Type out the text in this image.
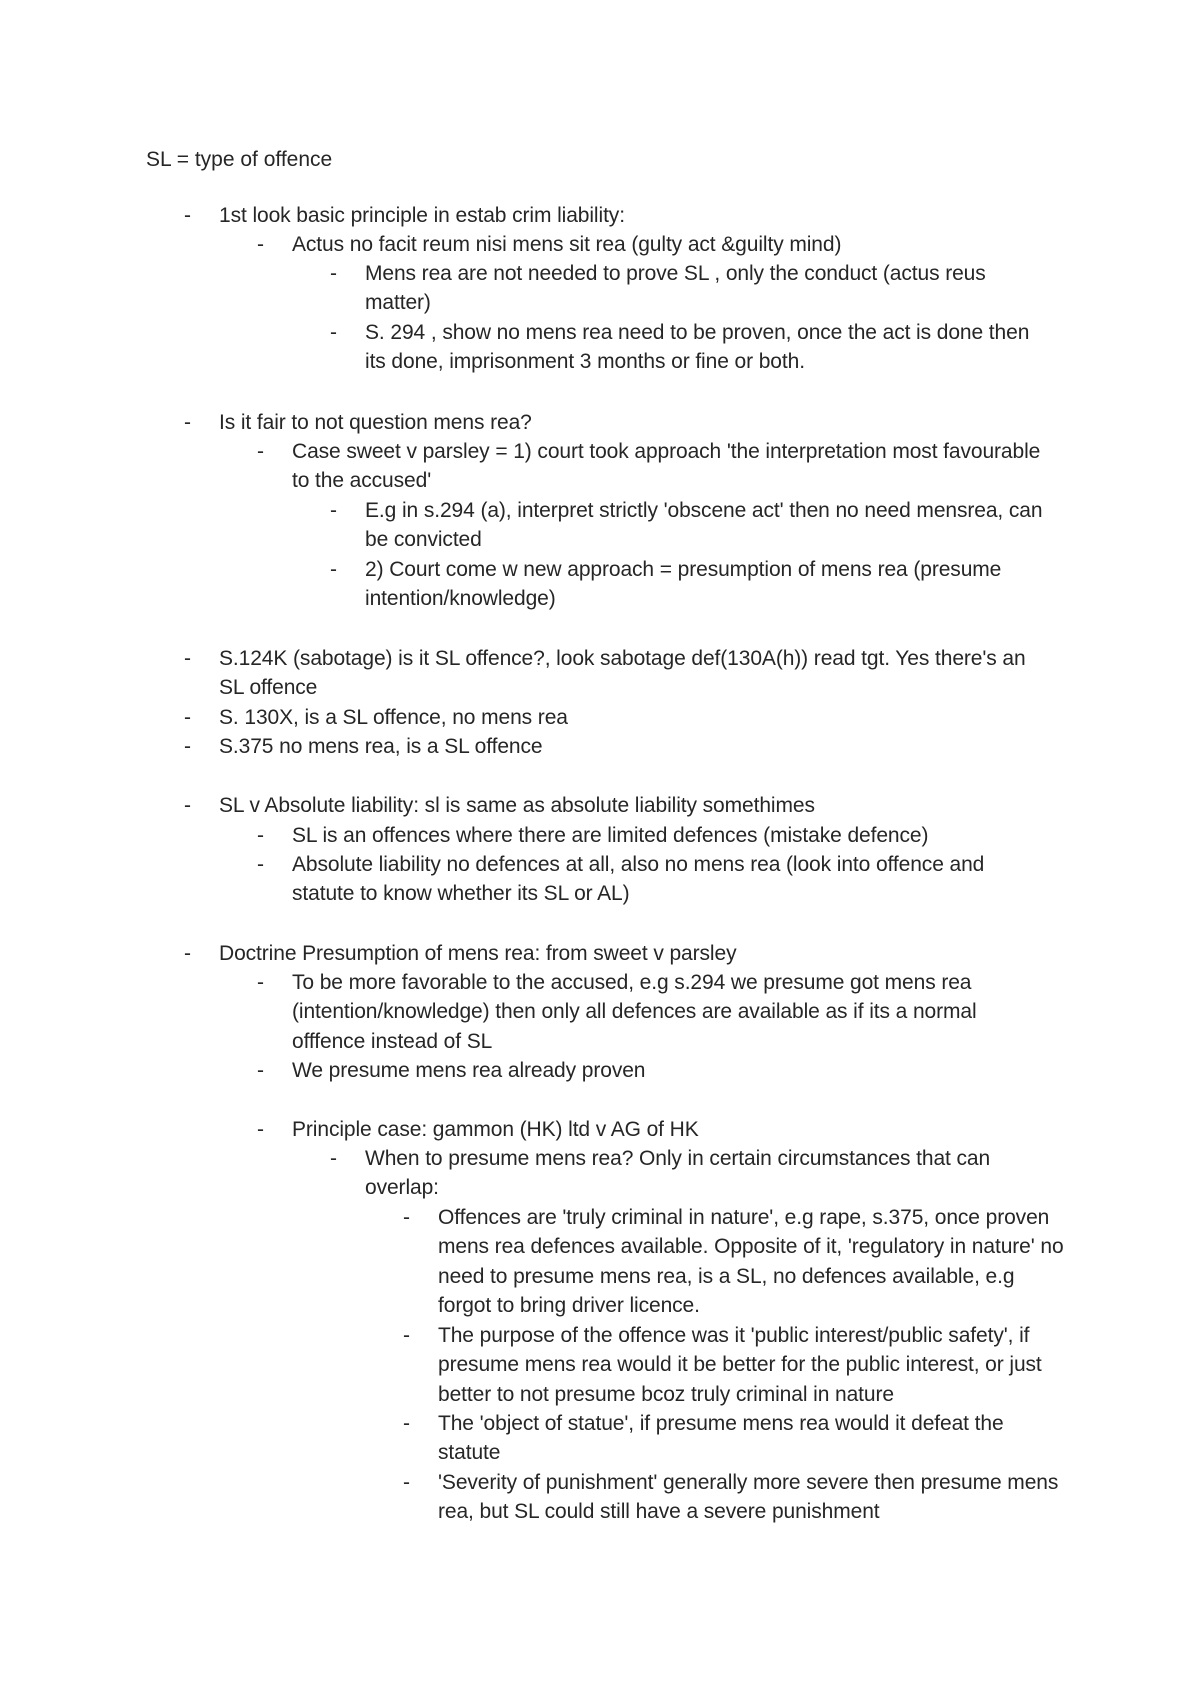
SL = type of offence
- 1st look basic principle in estab crim liability:
- Actus no facit reum nisi mens sit rea (gulty act &guilty mind)
- Mens rea are not needed to prove SL , only the conduct (actus reus matter)
- S. 294 , show no mens rea need to be proven, once the act is done then its done, imprisonment 3 months or fine or both.
- Is it fair to not question mens rea?
- Case sweet v parsley = 1) court took approach 'the interpretation most favourable to the accused'
- E.g in s.294 (a), interpret strictly 'obscene act' then no need mensrea, can be convicted
- 2) Court come w new approach = presumption of mens rea (presume intention/knowledge)
- S.124K (sabotage) is it SL offence?, look sabotage def(130A(h)) read tgt. Yes there's an SL offence
- S. 130X, is a SL offence, no mens rea
- S.375 no mens rea, is a SL offence
- SL v Absolute liability: sl is same as absolute liability somethimes
- SL is an offences where there are limited defences (mistake defence)
- Absolute liability no defences at all, also no mens rea (look into offence and statute to know whether its SL or AL)
- Doctrine Presumption of mens rea: from sweet v parsley
- To be more favorable to the accused, e.g s.294 we presume got mens rea (intention/knowledge) then only all defences are available as if its a normal offfence instead of SL
- We presume mens rea already proven
- Principle case: gammon (HK) ltd v AG of HK
- When to presume mens rea? Only in certain circumstances that can overlap:
- Offences are 'truly criminal in nature', e.g rape, s.375, once proven mens rea defences available. Opposite of it, 'regulatory in nature' no need to presume mens rea, is a SL, no defences available, e.g forgot to bring driver licence.
- The purpose of the offence was it 'public interest/public safety', if presume mens rea would it be better for the public interest, or just better to not presume bcoz truly criminal in nature
- The 'object of statue', if presume mens rea would it defeat the statute
- 'Severity of punishment' generally more severe then presume mens rea, but SL could still have a severe punishment
